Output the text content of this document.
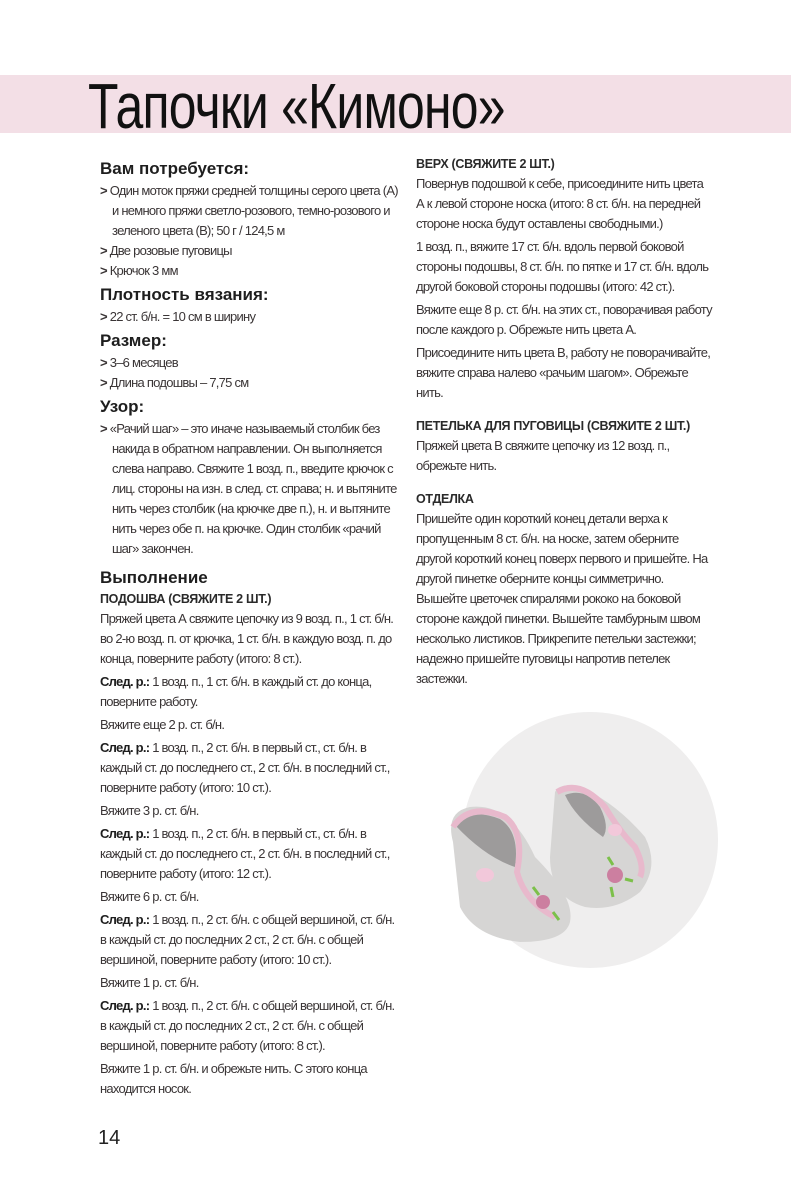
Тапочки «Кимоно»
Вам потребуется:

> Один моток пряжи средней толщины серого цвета (А) и немного пряжи светло-розового, темно-розового и зеленого цвета (В); 50 г / 124,5 м

> Две розовые пуговицы

> Крючок 3 мм

Плотность вязания:

> 22 ст. б/н. = 10 см в ширину

Размер:

> 3–6 месяцев

> Длина подошвы – 7,75 см

Узор:

> «Рачий шаг» – это иначе называемый столбик без накида в обратном направлении. Он выполняется слева направо. Свяжите 1 возд. п., введите крючок с лиц. стороны на изн. в след. ст. справа; н. и вытяните нить через столбик (на крючке две п.), н. и вытяните нить через обе п. на крючке. Один столбик «рачий шаг» закончен.

Выполнение
ПОДОШВА (СВЯЖИТЕ 2 ШТ.)

Пряжей цвета А свяжите цепочку из 9 возд. п., 1 ст. б/н. во 2-ю возд. п. от крючка, 1 ст. б/н. в каждую возд. п. до конца, поверните работу (итого: 8 ст.).

След. р.: 1 возд. п., 1 ст. б/н. в каждый ст. до конца, поверните работу.

Вяжите еще 2 р. ст. б/н.

След. р.: 1 возд. п., 2 ст. б/н. в первый ст., ст. б/н. в каждый ст. до последнего ст., 2 ст. б/н. в последний ст., поверните работу (итого: 10 ст.).

Вяжите 3 р. ст. б/н.

След. р.: 1 возд. п., 2 ст. б/н. в первый ст., ст. б/н. в каждый ст. до последнего ст., 2 ст. б/н. в последний ст., поверните работу (итого: 12 ст.).

Вяжите 6 р. ст. б/н.

След. р.: 1 возд. п., 2 ст. б/н. с общей вершиной, ст. б/н. в каждый ст. до последних 2 ст., 2 ст. б/н. с общей вершиной, поверните работу (итого: 10 ст.).

Вяжите 1 р. ст. б/н.

След. р.: 1 возд. п., 2 ст. б/н. с общей вершиной, ст. б/н. в каждый ст. до последних 2 ст., 2 ст. б/н. с общей вершиной, поверните работу (итого: 8 ст.).

Вяжите 1 р. ст. б/н. и обрежьте нить. С этого конца находится носок.

14
ВЕРХ (СВЯЖИТЕ 2 ШТ.)

Повернув подошвой к себе, присоедините нить цвета А к левой стороне носка (итого: 8 ст. б/н. на передней стороне носка будут оставлены свободными.)

1 возд. п., вяжите 17 ст. б/н. вдоль первой боковой стороны подошвы, 8 ст. б/н. по пятке и 17 ст. б/н. вдоль другой боковой стороны подошвы (итого: 42 ст.).

Вяжите еще 8 р. ст. б/н. на этих ст., поворачивая работу после каждого р. Обрежьте нить цвета А.

Присоедините нить цвета В, работу не поворачивайте, вяжите справа налево «рачьим шагом». Обрежьте нить.

ПЕТЕЛЬКА ДЛЯ ПУГОВИЦЫ (СВЯЖИТЕ 2 ШТ.)

Пряжей цвета В свяжите цепочку из 12 возд. п., обрежьте нить.

ОТДЕЛКА

Пришейте один короткий конец детали верха к пропущенным 8 ст. б/н. на носке, затем оберните другой короткий конец поверх первого и пришейте. На другой пинетке оберните концы симметрично. Вышейте цветочек спиралями рококо на боковой стороне каждой пинетки. Вышейте тамбурным швом несколько листиков. Прикрепите петельки застежки; надежно пришейте пуговицы напротив петелек застежки.
